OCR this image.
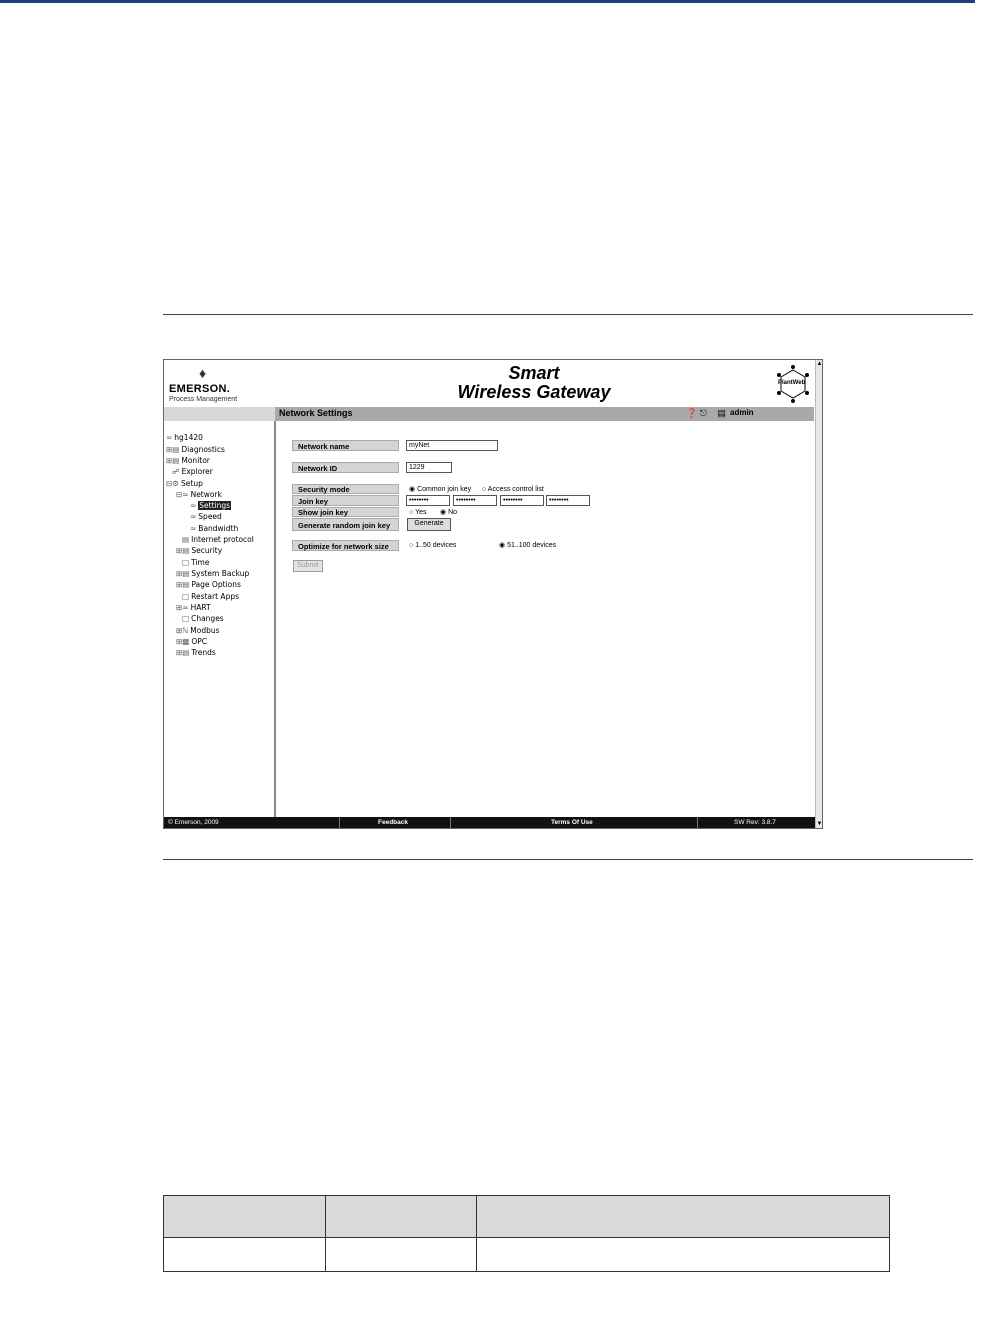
♦
EMERSON.
Process Management
Smart
Wireless Gateway	PlantWeb
Network Settings	❓ ⎋ ▤ admin
≈ hg1420
⊞▤ Diagnostics
⊞▤ Monitor
☍ Explorer
⊟⚙ Setup
⊟≈ Network
≈ Settings
≈ Speed
≈ Bandwidth
▤ Internet protocol
⊞▤ Security
□ Time
⊞▤ System Backup
⊞▤ Page Options
□ Restart Apps
⊞≈ HART
□ Changes
⊞ℕ Modbus
⊞▩ OPC
⊞▤ Trends
Network name	myNet
Network ID	1229
Security mode	◉ Common join key ○ Access control list
Join key	••••••••	••••••••	••••••••	••••••••
Show join key	○ Yes ◉ No
Generate random join key	Generate
Optimize for network size	○ 1..50 devices	◉ 51..100 devices
Submit
▲
▼
© Emerson, 2009	Feedback	Terms Of Use	SW Rev: 3.8.7
